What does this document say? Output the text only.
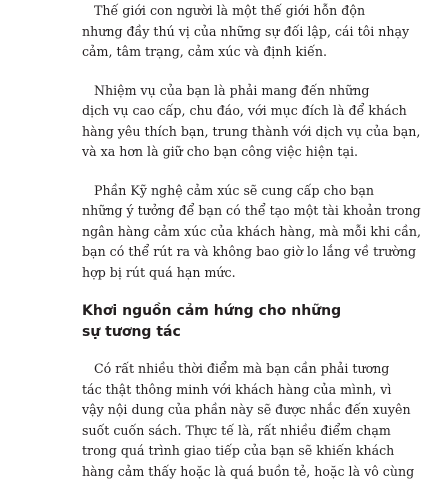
Thế giới con người là một thế giới hỗn độn
nhưng đầy thú vị của những sự đối lập, cái tôi nhạy
cảm, tâm trạng, cảm xúc và định kiến.
Nhiệm vụ của bạn là phải mang đến những
dịch vụ cao cấp, chu đáo, với mục đích là để khách
hàng yêu thích bạn, trung thành với dịch vụ của bạn,
và xa hơn là giữ cho bạn công việc hiện tại.
Phần Kỹ nghệ cảm xúc sẽ cung cấp cho bạn
những ý tưởng để bạn có thể tạo một tài khoản trong
ngân hàng cảm xúc của khách hàng, mà mỗi khi cần,
bạn có thể rút ra và không bao giờ lo lắng về trường
hợp bị rút quá hạn mức.
Khơi nguồn cảm hứng cho những
sự tương tác
Có rất nhiều thời điểm mà bạn cần phải tương
tác thật thông minh với khách hàng của mình, vì
vậy nội dung của phần này sẽ được nhắc đến xuyên
suốt cuốn sách. Thực tế là, rất nhiều điểm chạm
trong quá trình giao tiếp của bạn sẽ khiến khách
hàng cảm thấy hoặc là quá buồn tẻ, hoặc là vô cùng
